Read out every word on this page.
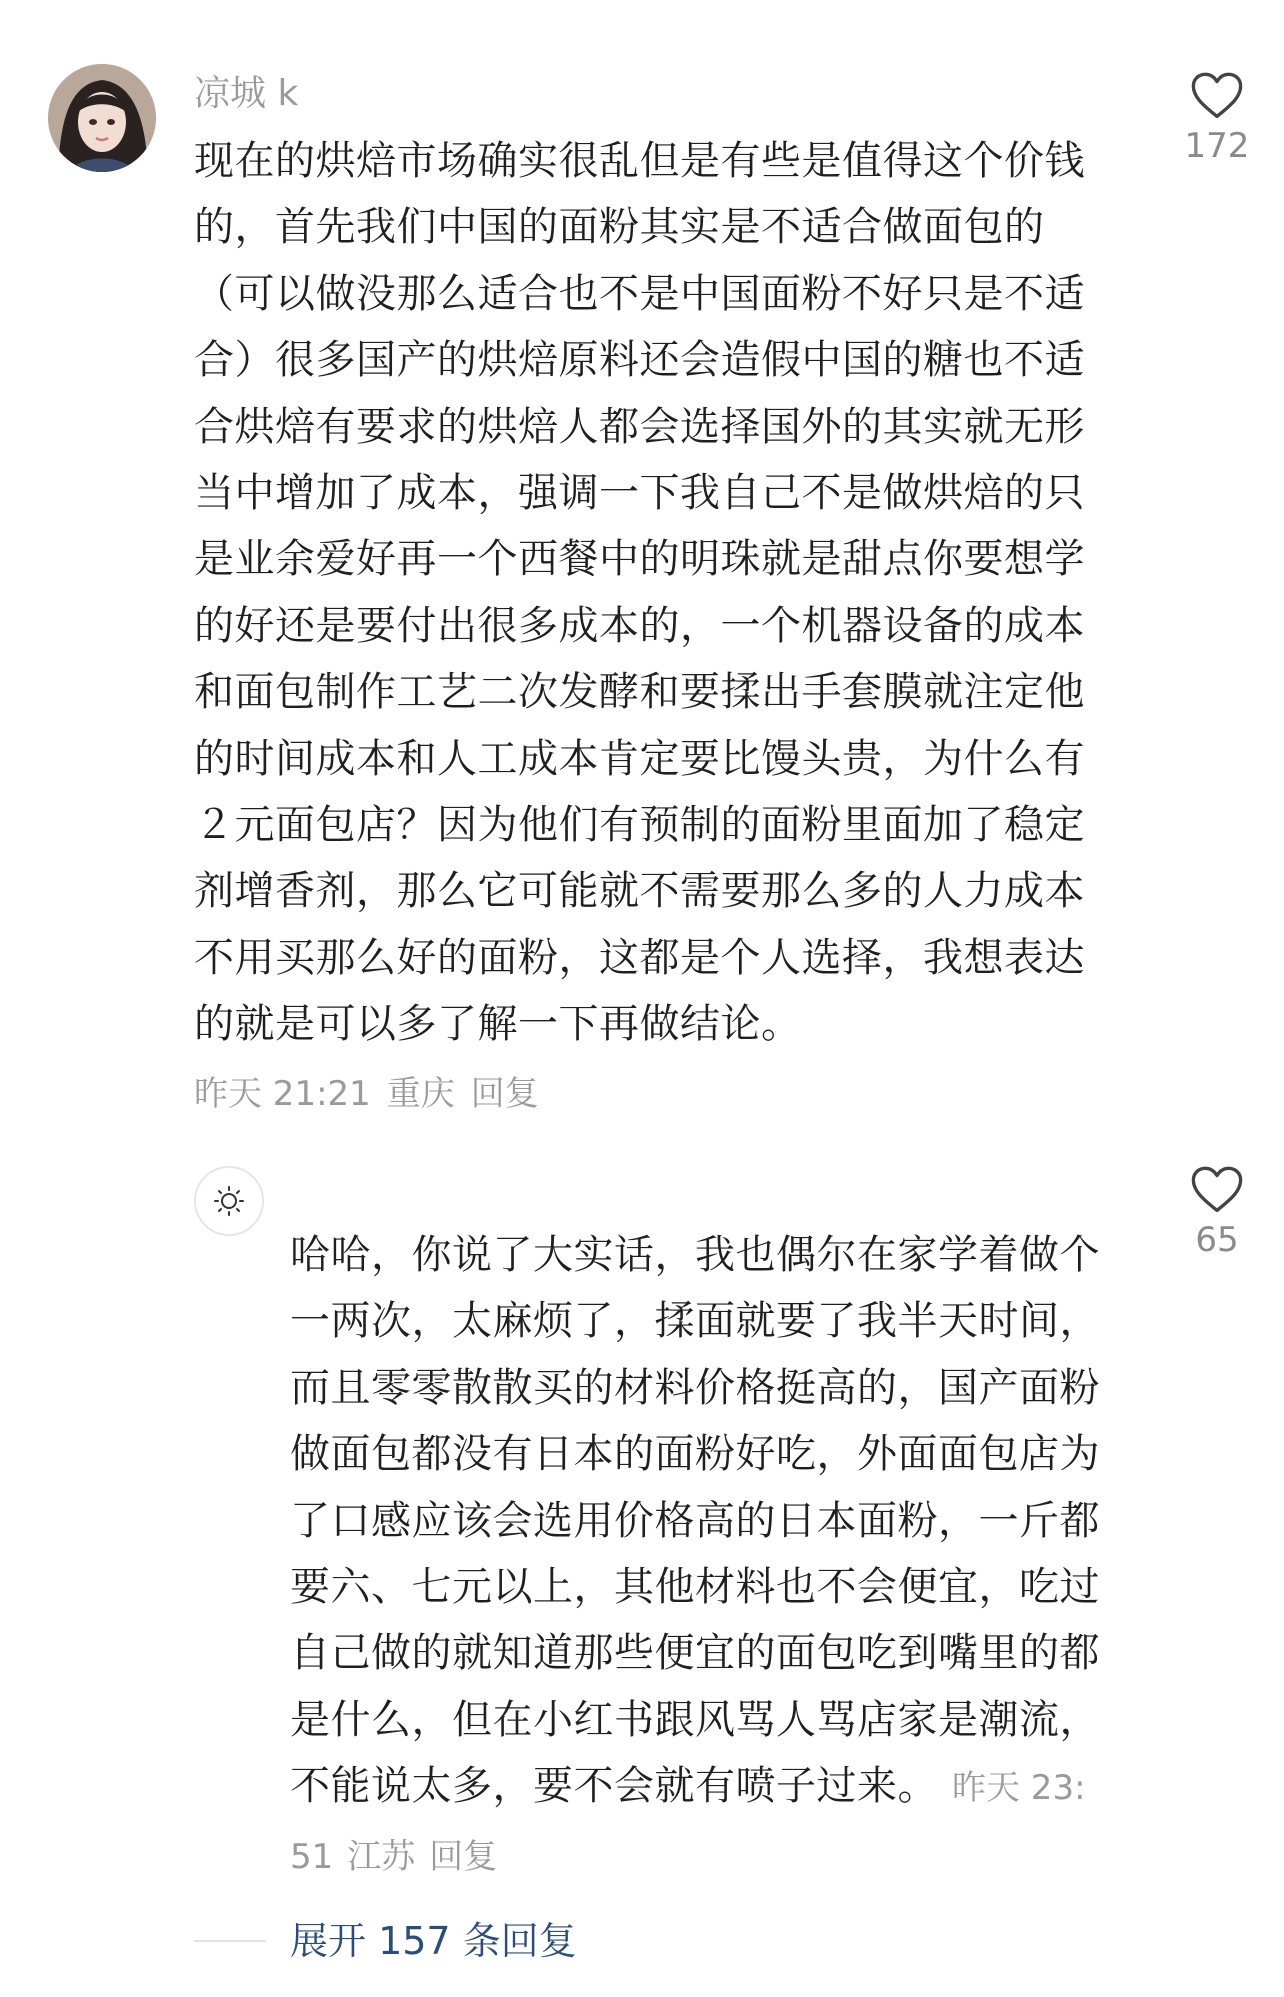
凉城 k
现在的烘焙市场确实很乱但是有些是值得这个价钱的，首先我们中国的面粉其实是不适合做面包的（可以做没那么适合也不是中国面粉不好只是不适合）很多国产的烘焙原料还会造假中国的糖也不适合烘焙有要求的烘焙人都会选择国外的其实就无形当中增加了成本，强调一下我自己不是做烘焙的只是业余爱好再一个西餐中的明珠就是甜点你要想学的好还是要付出很多成本的，一个机器设备的成本和面包制作工艺二次发酵和要揉出手套膜就注定他的时间成本和人工成本肯定要比馒头贵，为什么有２元面包店？因为他们有预制的面粉里面加了稳定剂增香剂，那么它可能就不需要那么多的人力成本不用买那么好的面粉，这都是个人选择，我想表达的就是可以多了解一下再做结论。
昨天 21:21 重庆 回复
172
哈哈，你说了大实话，我也偶尔在家学着做个一两次，太麻烦了，揉面就要了我半天时间，而且零零散散买的材料价格挺高的，国产面粉做面包都没有日本的面粉好吃，外面面包店为了口感应该会选用价格高的日本面粉，一斤都要六、七元以上，其他材料也不会便宜，吃过自己做的就知道那些便宜的面包吃到嘴里的都是什么，但在小红书跟风骂人骂店家是潮流，不能说太多，要不会就有喷子过来。 昨天 23:51 江苏 回复
65
展开 157 条回复
